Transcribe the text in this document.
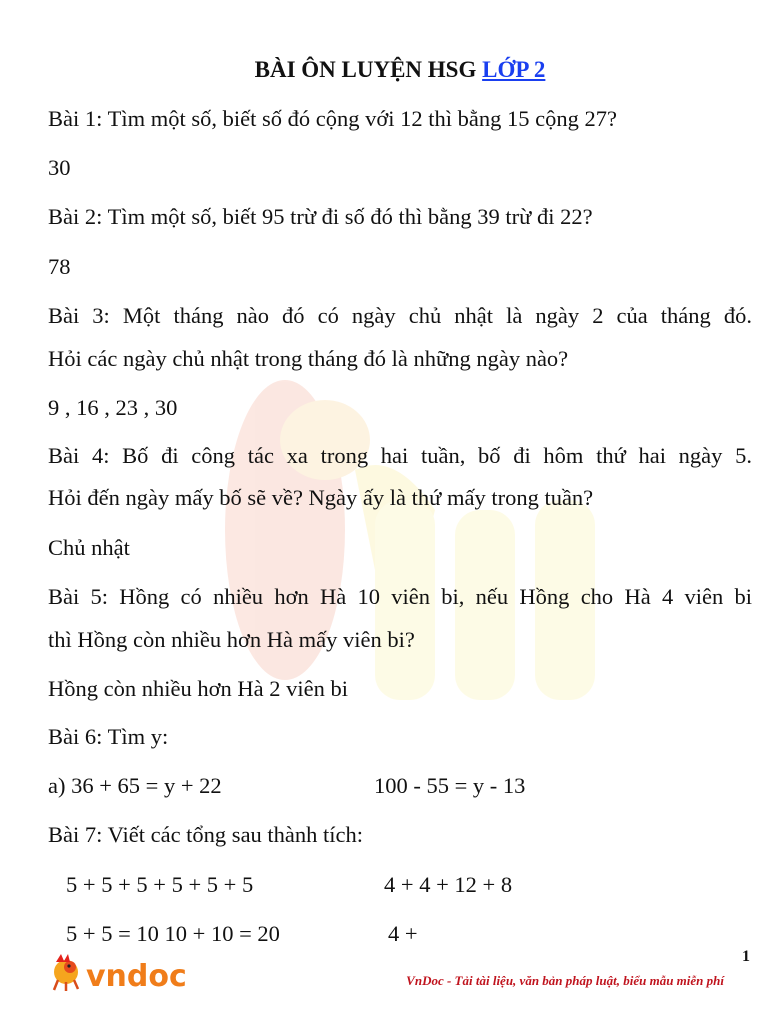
BÀI ÔN LUYỆN HSG LỚP 2
Bài 1: Tìm một số, biết số đó cộng với 12 thì bằng 15 cộng 27?
30
Bài 2: Tìm một số, biết 95 trừ đi số đó thì bằng 39 trừ đi 22?
78
Bài 3: Một tháng nào đó có ngày chủ nhật là ngày 2 của tháng đó.
Hỏi các ngày chủ nhật trong tháng đó là những ngày nào?
9 , 16 , 23 , 30
Bài 4: Bố đi công tác xa trong hai tuần, bố đi hôm thứ hai ngày 5.
Hỏi đến ngày mấy bố sẽ về? Ngày ấy là thứ mấy trong tuần?
Chủ nhật
Bài 5: Hồng có nhiều hơn Hà 10 viên bi, nếu Hồng cho Hà 4 viên bi
thì Hồng còn nhiều hơn Hà mấy viên bi?
Hồng còn nhiều hơn Hà 2 viên bi
Bài 6: Tìm y:
a) 36 + 65 = y + 22	100 - 55 = y - 13
Bài 7: Viết các tổng sau thành tích:
5 + 5 + 5 + 5 + 5 + 5	4 + 4 + 12 + 8
5 + 5 = 10 10 + 10 = 20	4 +
1
vndoc	VnDoc - Tải tài liệu, văn bản pháp luật, biểu mẫu miễn phí
